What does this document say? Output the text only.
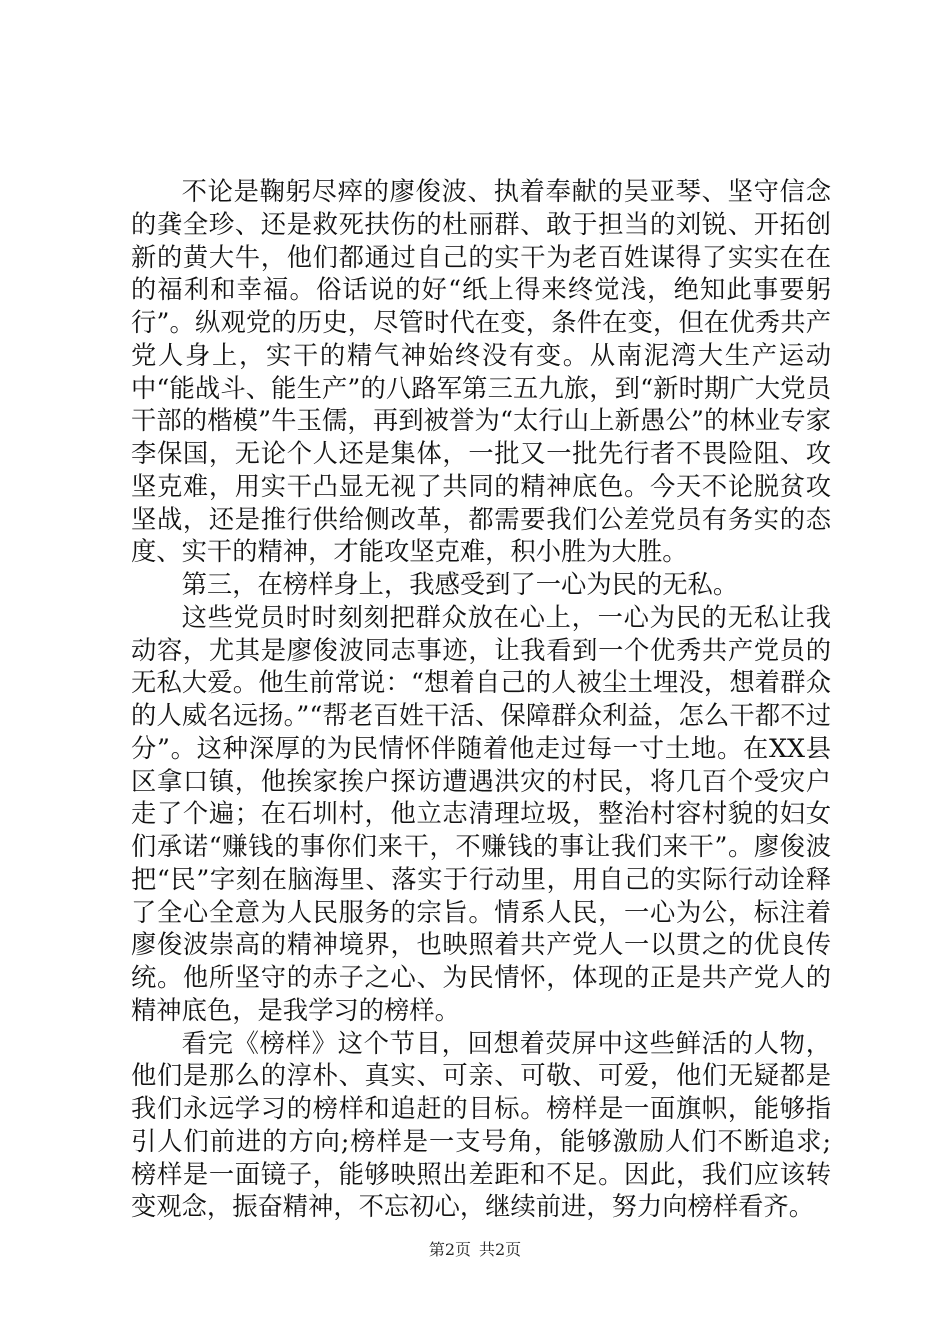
不论是鞠躬尽瘁的廖俊波、执着奉献的吴亚琴、坚守信念的龚全珍、还是救死扶伤的杜丽群、敢于担当的刘锐、开拓创新的黄大牛，他们都通过自己的实干为老百姓谋得了实实在在的福利和幸福。俗话说的好“纸上得来终觉浅，绝知此事要躬行”。纵观党的历史，尽管时代在变，条件在变，但在优秀共产党人身上，实干的精气神始终没有变。从南泥湾大生产运动中“能战斗、能生产”的八路军第三五九旅，到“新时期广大党员干部的楷模”牛玉儒，再到被誉为“太行山上新愚公”的林业专家李保国，无论个人还是集体，一批又一批先行者不畏险阻、攻坚克难，用实干凸显无视了共同的精神底色。今天不论脱贫攻坚战，还是推行供给侧改革，都需要我们公差党员有务实的态度、实干的精神，才能攻坚克难，积小胜为大胜。

第三，在榜样身上，我感受到了一心为民的无私。

这些党员时时刻刻把群众放在心上，一心为民的无私让我动容，尤其是廖俊波同志事迹，让我看到一个优秀共产党员的无私大爱。他生前常说：“想着自己的人被尘土埋没，想着群众的人威名远扬。”“帮老百姓干活、保障群众利益，怎么干都不过分”。这种深厚的为民情怀伴随着他走过每一寸土地。在XX县区拿口镇，他挨家挨户探访遭遇洪灾的村民，将几百个受灾户走了个遍；在石圳村，他立志清理垃圾，整治村容村貌的妇女们承诺“赚钱的事你们来干，不赚钱的事让我们来干”。廖俊波把“民”字刻在脑海里、落实于行动里，用自己的实际行动诠释了全心全意为人民服务的宗旨。情系人民，一心为公，标注着廖俊波崇高的精神境界，也映照着共产党人一以贯之的优良传统。他所坚守的赤子之心、为民情怀，体现的正是共产党人的精神底色，是我学习的榜样。

看完《榜样》这个节目，回想着荧屏中这些鲜活的人物，他们是那么的淳朴、真实、可亲、可敬、可爱，他们无疑都是我们永远学习的榜样和追赶的目标。榜样是一面旗帜，能够指引人们前进的方向;榜样是一支号角，能够激励人们不断追求;榜样是一面镜子，能够映照出差距和不足。因此，我们应该转变观念，振奋精神，不忘初心，继续前进，努力向榜样看齐。

第2页 共2页
